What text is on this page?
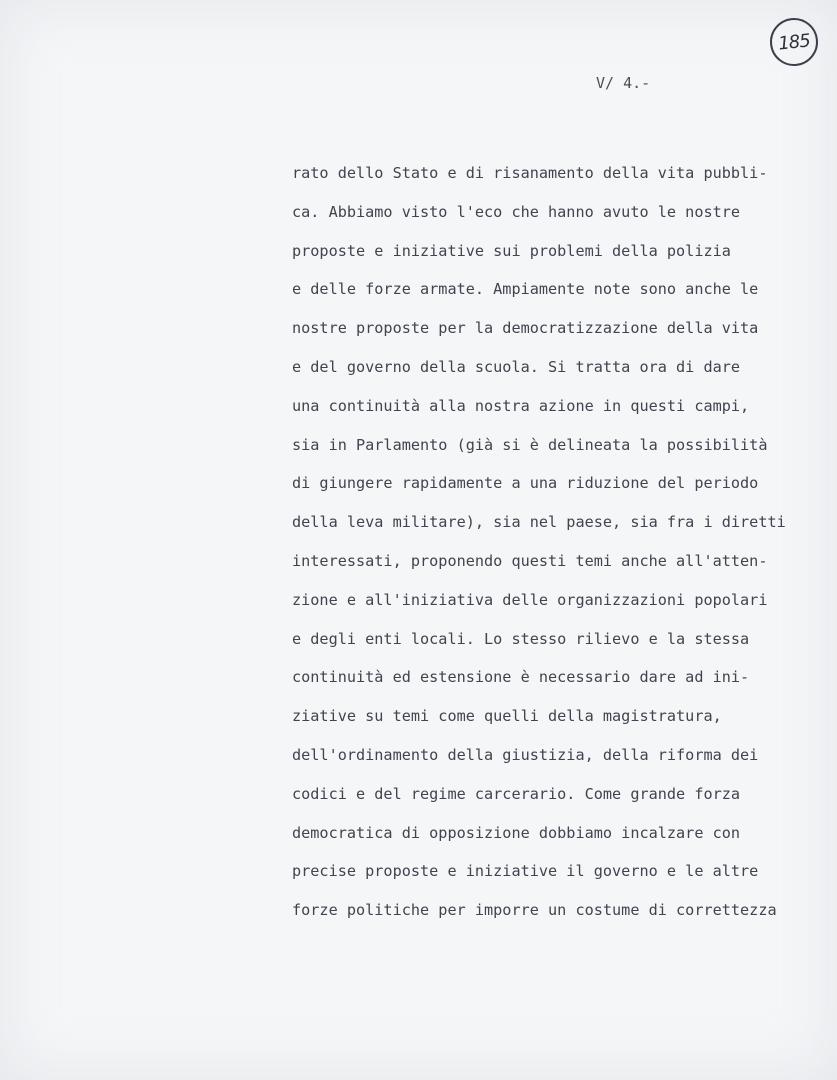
185
V/ 4.-
rato dello Stato e di risanamento della vita pubbli-
ca. Abbiamo visto l'eco che hanno avuto le nostre
proposte e iniziative sui problemi della polizia
e delle forze armate. Ampiamente note sono anche le
nostre proposte per la democratizzazione della vita
e del governo della scuola. Si tratta ora di dare
una continuità alla nostra azione in questi campi,
sia in Parlamento (già si è delineata la possibilità
di giungere rapidamente a una riduzione del periodo
della leva militare), sia nel paese, sia fra i diretti
interessati, proponendo questi temi anche all'atten-
zione e all'iniziativa delle organizzazioni popolari
e degli enti locali. Lo stesso rilievo e la stessa
continuità ed estensione è necessario dare ad ini-
ziative su temi come quelli della magistratura,
dell'ordinamento della giustizia, della riforma dei
codici e del regime carcerario. Come grande forza
democratica di opposizione dobbiamo incalzare con
precise proposte e iniziative il governo e le altre
forze politiche per imporre un costume di correttezza
